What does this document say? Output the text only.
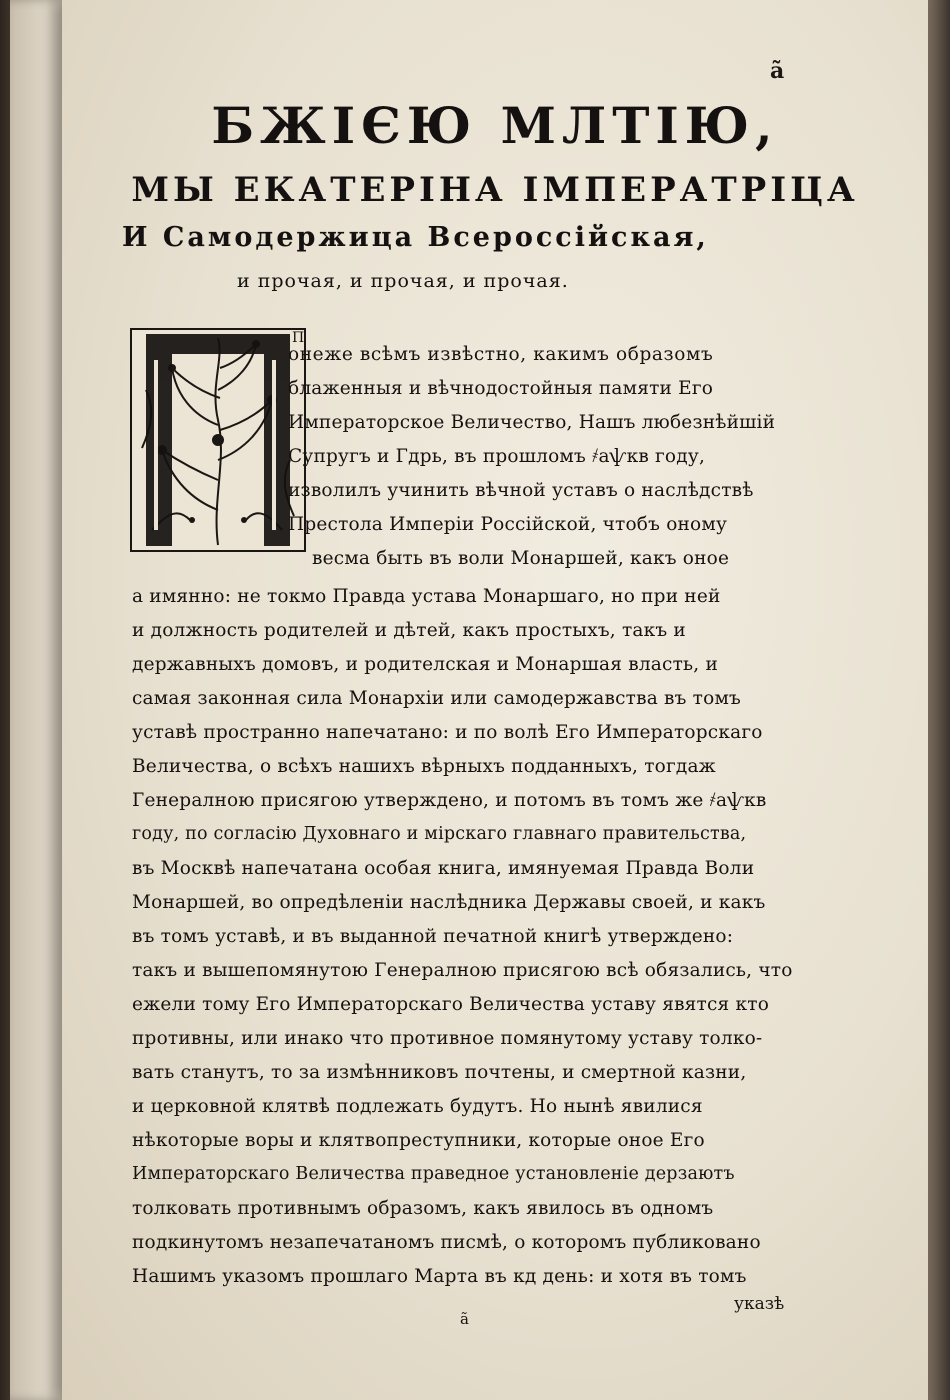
ã
БЖІЄЮ МЛТІЮ,
МЫ ЕКАТЕРІНА ІМПЕРАТРІЦА
И Самодержица Всероссійская,
и прочая, и прочая, и прочая.
П

онеже всѣмъ извѣстно, какимъ образомъ

блаженныя и вѣчнодостойныя памяти Его

Императорское Величество, Нашъ любезнѣйшій

Супругъ и Гдрь, въ прошломъ ҂аѱкв году,

изволилъ учинить вѣчной уставъ о наслѣдствѣ

Престола Имперіи Россійской, чтобъ оному

весма быть въ воли Монаршей, какъ оное

а имянно: не токмо Правда устава Монаршаго, но при ней

и должность родителей и дѣтей, какъ простыхъ, такъ и

державныхъ домовъ, и родителская и Монаршая власть, и

самая законная сила Монархіи или самодержавства въ томъ

уставѣ пространно напечатано: и по волѣ Его Императорскаго

Величества, о всѣхъ нашихъ вѣрныхъ подданныхъ, тогдаж

Генералною присягою утверждено, и потомъ въ томъ же ҂аѱкв

году, по согласію Духовнаго и мірскаго главнаго правительства,

въ Москвѣ напечатана особая книга, имянуемая Правда Воли

Монаршей, во опредѣленіи наслѣдника Державы своей, и какъ

въ томъ уставѣ, и въ выданной печатной книгѣ утверждено:

такъ и вышепомянутою Генералною присягою всѣ обязались, что

ежели тому Его Императорскаго Величества уставу явятся кто

противны, или инако что противное помянутому уставу толко-

вать станутъ, то за измѣнниковъ почтены, и смертной казни,

и церковной клятвѣ подлежать будутъ. Но нынѣ явилися

нѣкоторые воры и клятвопреступники, которые оное Его

Императорскаго Величества праведное установленіе дерзаютъ

толковать противнымъ образомъ, какъ явилось въ одномъ

подкинутомъ незапечатаномъ писмѣ, о которомъ публиковано

Нашимъ указомъ прошлаго Марта въ кд день: и хотя въ томъ

указѣ
ã
